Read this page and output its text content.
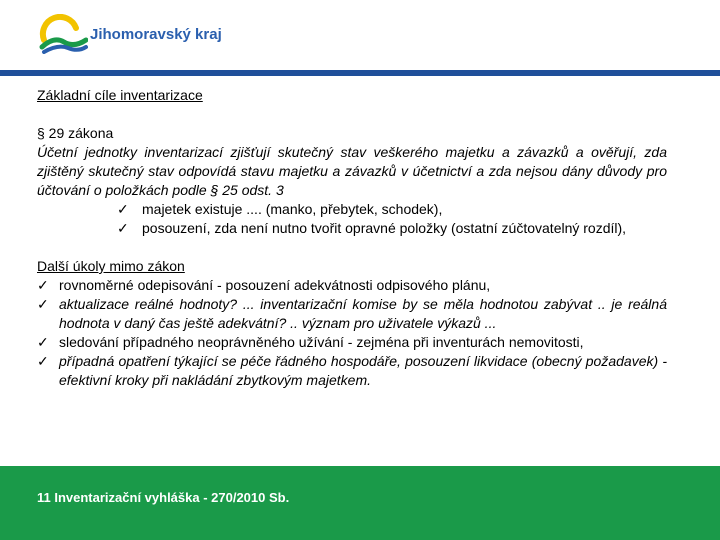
Jihomoravský kraj

Základní cíle inventarizace

§ 29 zákona

Účetní jednotky inventarizací zjišťují skutečný stav veškerého majetku a závazků a ověřují, zda zjištěný skutečný stav odpovídá stavu majetku a závazků v účetnictví a zda nejsou dány důvody pro účtování o položkách podle § 25 odst. 3

✓ majetek existuje .... (manko, přebytek, schodek),
✓ posouzení, zda není nutno tvořit opravné položky (ostatní zúčtovatelný rozdíl),

Další úkoly mimo zákon

✓ rovnoměrné odepisování - posouzení adekvátnosti odpisového plánu,
✓ aktualizace reálné hodnoty? ... inventarizační komise by se měla hodnotou zabývat .. je reálná hodnota v daný čas ještě adekvátní? .. význam pro uživatele výkazů ...
✓ sledování případného neoprávněného užívání - zejména při inventurách nemovitosti,
✓ případná opatření týkající se péče řádného hospodáře, posouzení likvidace (obecný požadavek) - efektivní kroky při nakládání zbytkovým majetkem.
11 Inventarizační vyhláška - 270/2010 Sb.
